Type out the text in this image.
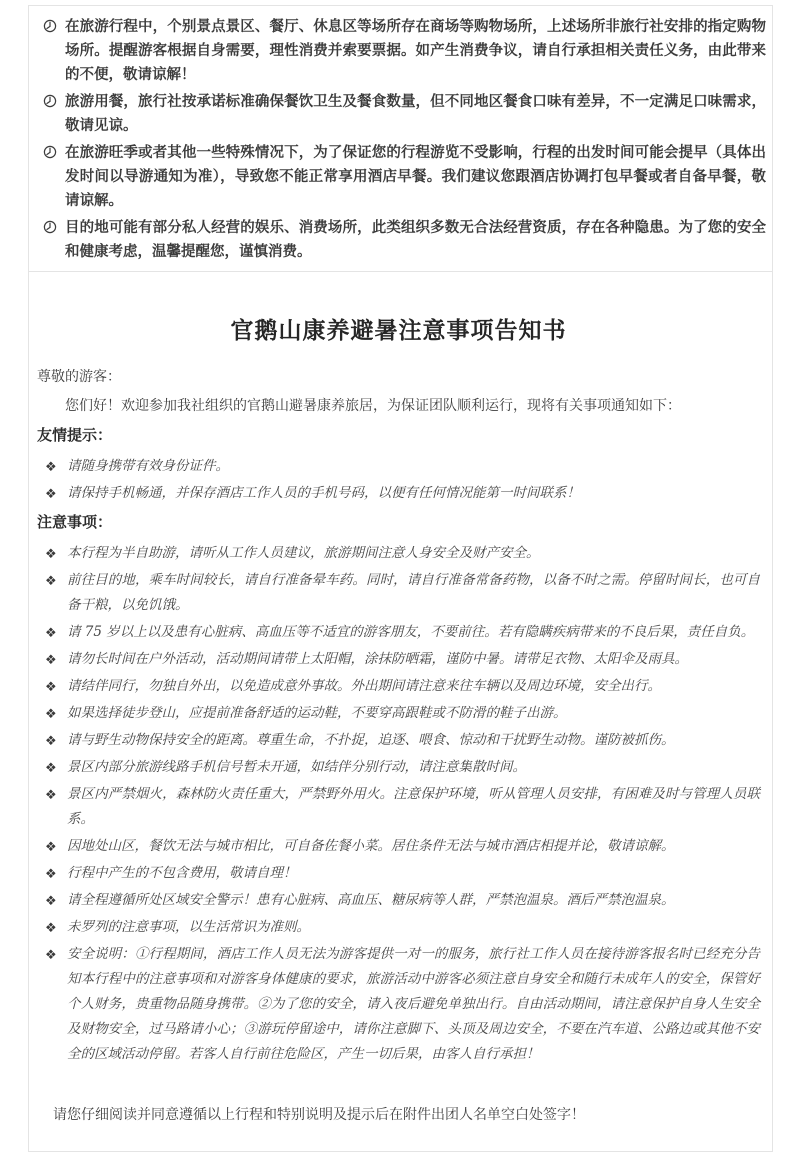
在旅游行程中，个别景点景区、餐厅、休息区等场所存在商场等购物场所，上述场所非旅行社安排的指定购物场所。提醒游客根据自身需要，理性消费并索要票据。如产生消费争议，请自行承担相关责任义务，由此带来的不便，敬请谅解！

旅游用餐，旅行社按承诺标准确保餐饮卫生及餐食数量，但不同地区餐食口味有差异，不一定满足口味需求，敬请见谅。

在旅游旺季或者其他一些特殊情况下，为了保证您的行程游览不受影响，行程的出发时间可能会提早（具体出发时间以导游通知为准），导致您不能正常享用酒店早餐。我们建议您跟酒店协调打包早餐或者自备早餐，敬请谅解。

目的地可能有部分私人经营的娱乐、消费场所，此类组织多数无合法经营资质，存在各种隐患。为了您的安全和健康考虑，温馨提醒您，谨慎消费。

官鹅山康养避暑注意事项告知书

尊敬的游客：

您们好！欢迎参加我社组织的官鹅山避暑康养旅居，为保证团队顺利运行，现将有关事项通知如下：

友情提示：
❖ 请随身携带有效身份证件。

❖ 请保持手机畅通，并保存酒店工作人员的手机号码，以便有任何情况能第一时间联系！

注意事项：
❖ 本行程为半自助游，请听从工作人员建议，旅游期间注意人身安全及财产安全。

❖ 前往目的地，乘车时间较长，请自行准备晕车药。同时，请自行准备常备药物，以备不时之需。停留时间长，也可自备干粮，以免饥饿。

❖ 请 75 岁以上以及患有心脏病、高血压等不适宜的游客朋友，不要前往。若有隐瞒疾病带来的不良后果，责任自负。

❖ 请勿长时间在户外活动，活动期间请带上太阳帽，涂抹防晒霜，谨防中暑。请带足衣物、太阳伞及雨具。

❖ 请结伴同行，勿独自外出，以免造成意外事故。外出期间请注意来往车辆以及周边环境，安全出行。

❖ 如果选择徒步登山，应提前准备舒适的运动鞋，不要穿高跟鞋或不防滑的鞋子出游。

❖ 请与野生动物保持安全的距离。尊重生命，不扑捉，追逐、喂食、惊动和干扰野生动物。谨防被抓伤。

❖ 景区内部分旅游线路手机信号暂未开通，如结伴分别行动，请注意集散时间。

❖ 景区内严禁烟火，森林防火责任重大，严禁野外用火。注意保护环境，听从管理人员安排，有困难及时与管理人员联系。

❖ 因地处山区，餐饮无法与城市相比，可自备佐餐小菜。居住条件无法与城市酒店相提并论，敬请谅解。

❖ 行程中产生的不包含费用，敬请自理！

❖ 请全程遵循所处区域安全警示！患有心脏病、高血压、糖尿病等人群，严禁泡温泉。酒后严禁泡温泉。

❖ 未罗列的注意事项，以生活常识为准则。

❖ 安全说明：①行程期间，酒店工作人员无法为游客提供一对一的服务，旅行社工作人员在接待游客报名时已经充分告知本行程中的注意事项和对游客身体健康的要求，旅游活动中游客必须注意自身安全和随行未成年人的安全，保管好个人财务，贵重物品随身携带。②为了您的安全，请入夜后避免单独出行。自由活动期间，请注意保护自身人生安全及财物安全，过马路请小心；③游玩停留途中，请你注意脚下、头顶及周边安全，不要在汽车道、公路边或其他不安全的区域活动停留。若客人自行前往危险区，产生一切后果，由客人自行承担！

请您仔细阅读并同意遵循以上行程和特别说明及提示后在附件出团人名单空白处签字！
